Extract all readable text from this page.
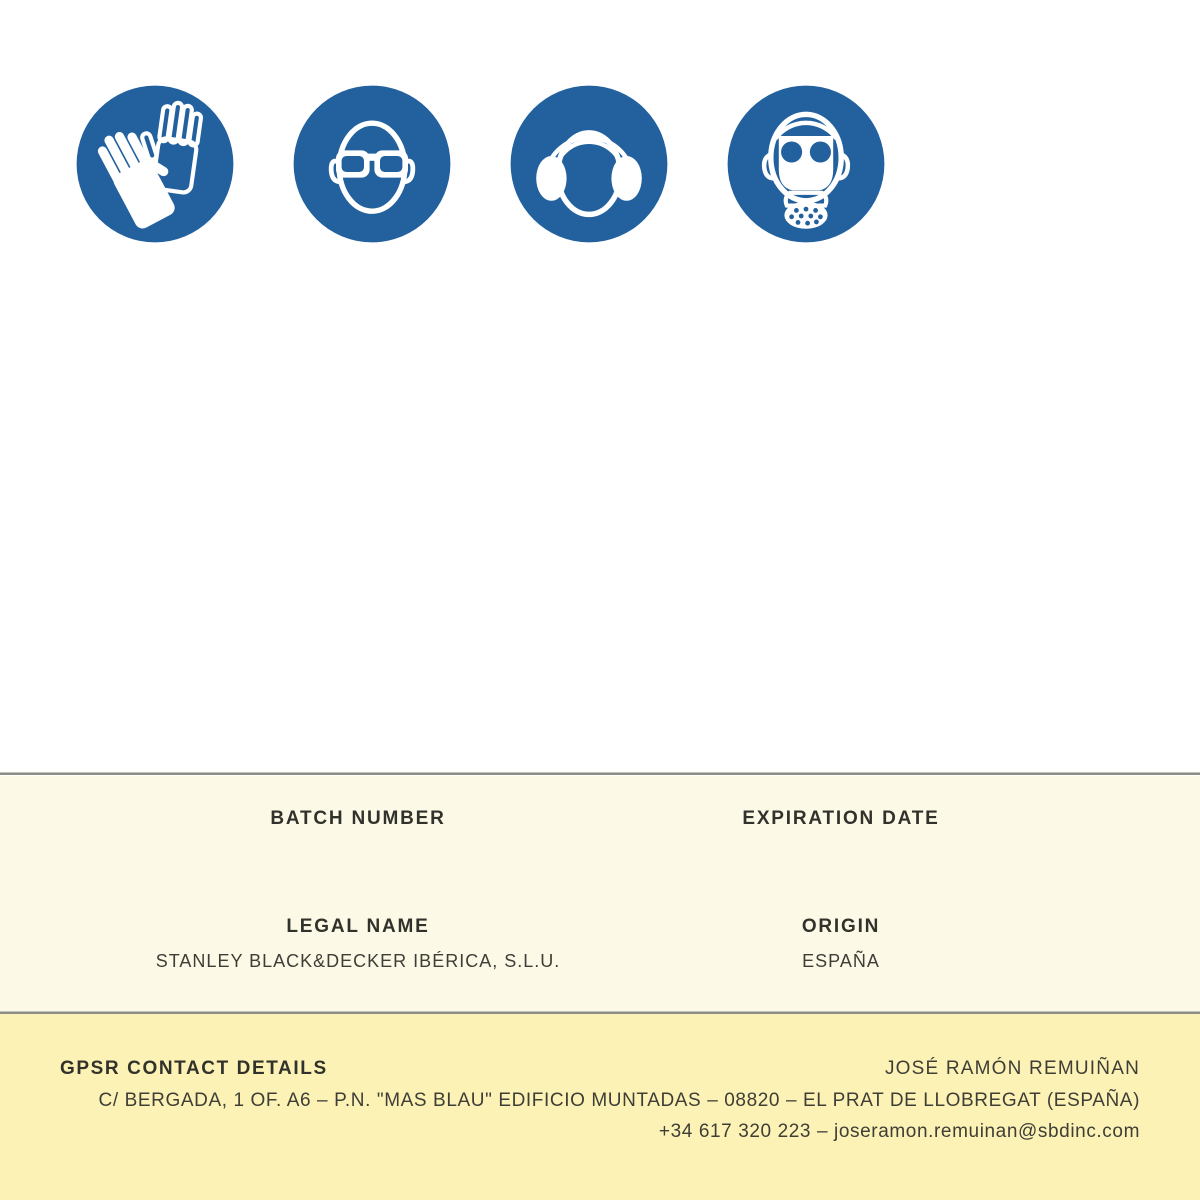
BATCH NUMBER	EXPIRATION DATE
LEGAL NAME
STANLEY BLACK&DECKER IBÉRICA, S.L.U.
ORIGIN
ESPAÑA
GPSR CONTACT DETAILS	JOSÉ RAMÓN REMUIÑAN
C/ BERGADA, 1 OF. A6 – P.N. "MAS BLAU" EDIFICIO MUNTADAS – 08820 – EL PRAT DE LLOBREGAT (ESPAÑA)
+34 617 320 223 – joseramon.remuinan@sbdinc.com
